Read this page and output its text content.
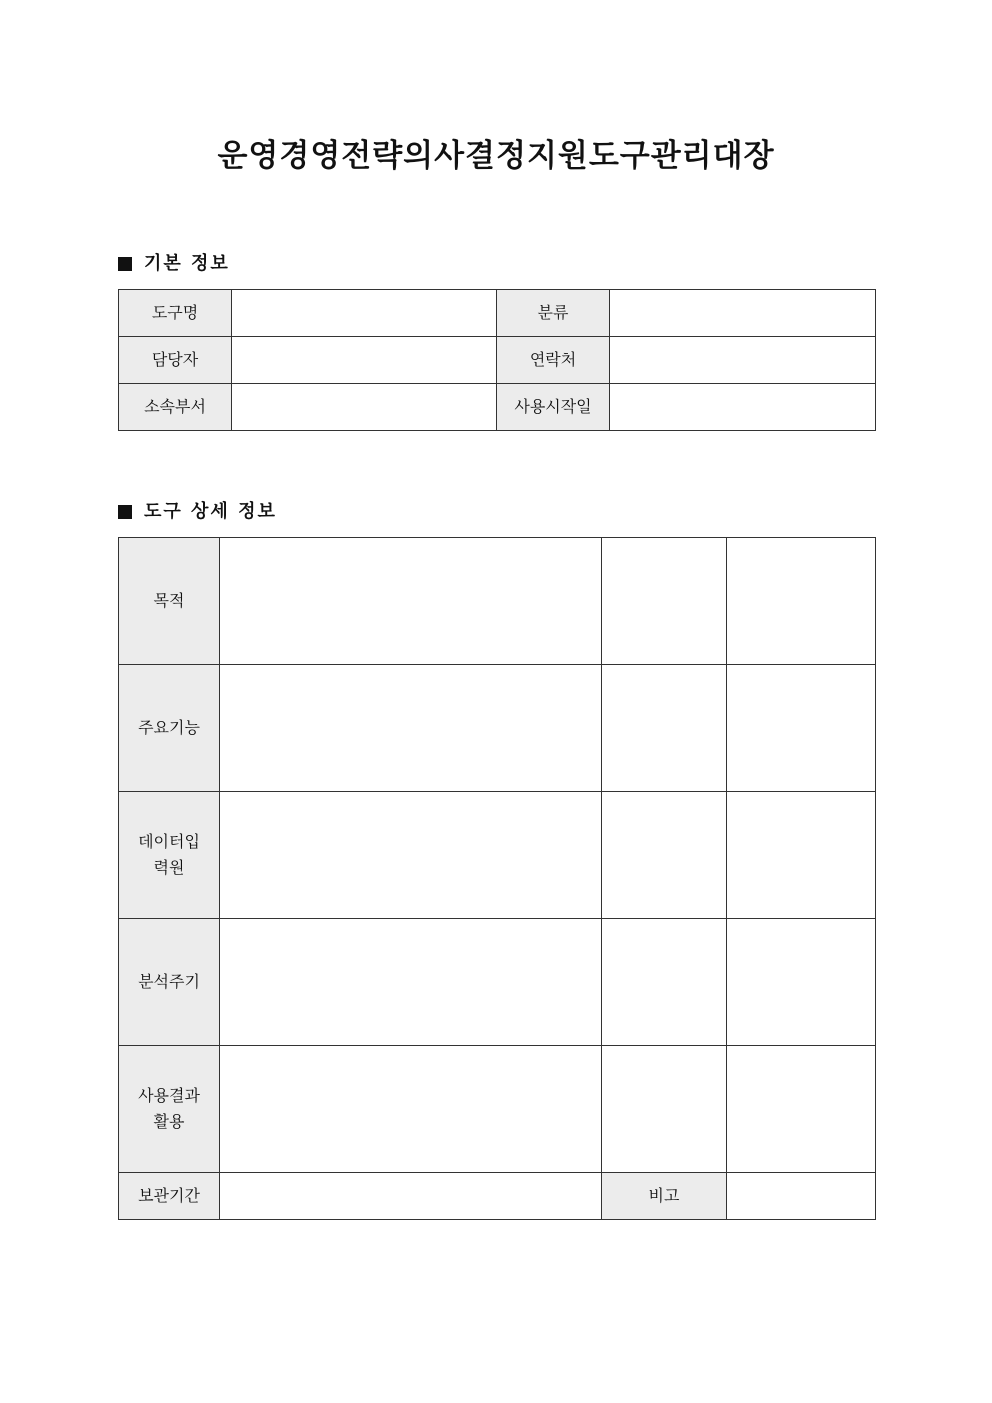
운영경영전략의사결정지원도구관리대장
기본 정보
도구명		분류	
담당자		연락처	
소속부서		사용시작일	
도구 상세 정보
목적			
주요기능			
데이터입력원			
분석주기			
사용결과활용			
보관기간		비고	
